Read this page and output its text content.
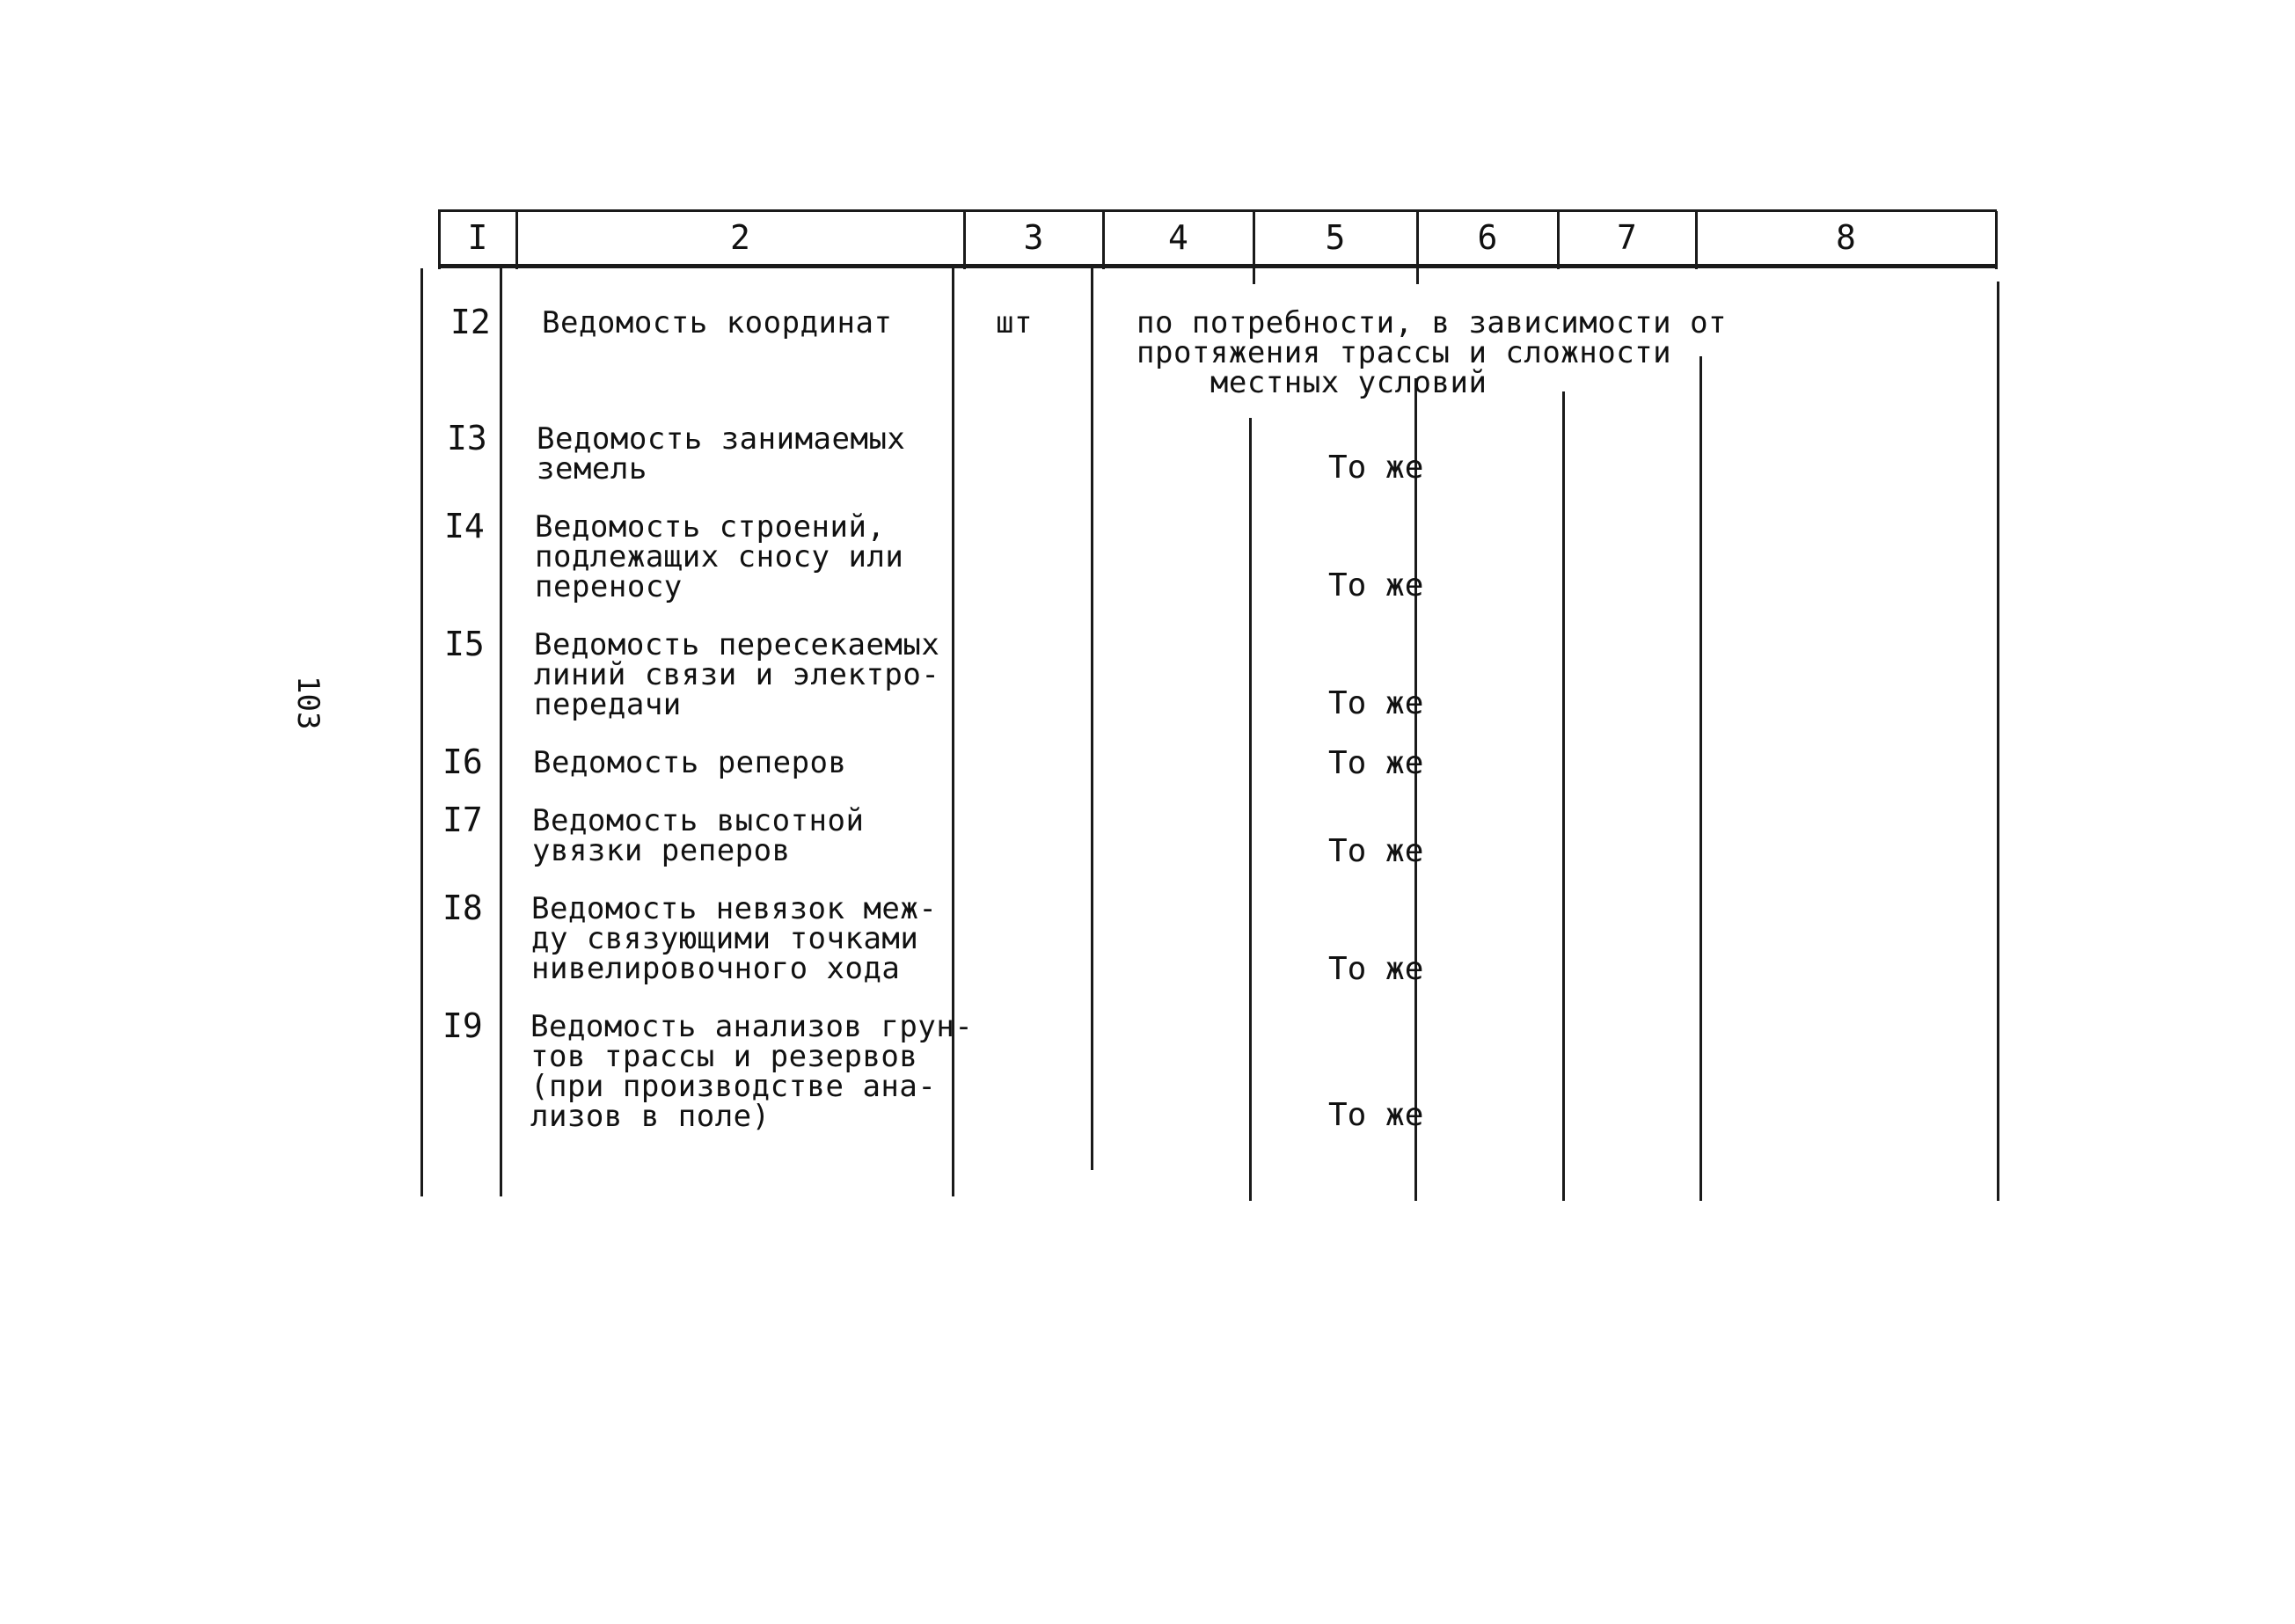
103
I	2	3	4	5	6	7	8
I2 Ведомость координат	шт	по потребности, в зависимости от
протяжения трассы и сложности
местных условий
I3 Ведомость занимаемых
земель	То же
I4 Ведомость строений,
подлежащих сносу или
переносу	То же
I5 Ведомость пересекаемых
линий связи и электро-
передачи	То же
I6 Ведомость реперов	То же
I7 Ведомость высотной
увязки реперов	То же
I8 Ведомость невязок меж-
ду связующими точками
нивелировочного хода	То же
I9 Ведомость анализов грун-
тов трассы и резервов
(при производстве ана-
лизов в поле)	То же
